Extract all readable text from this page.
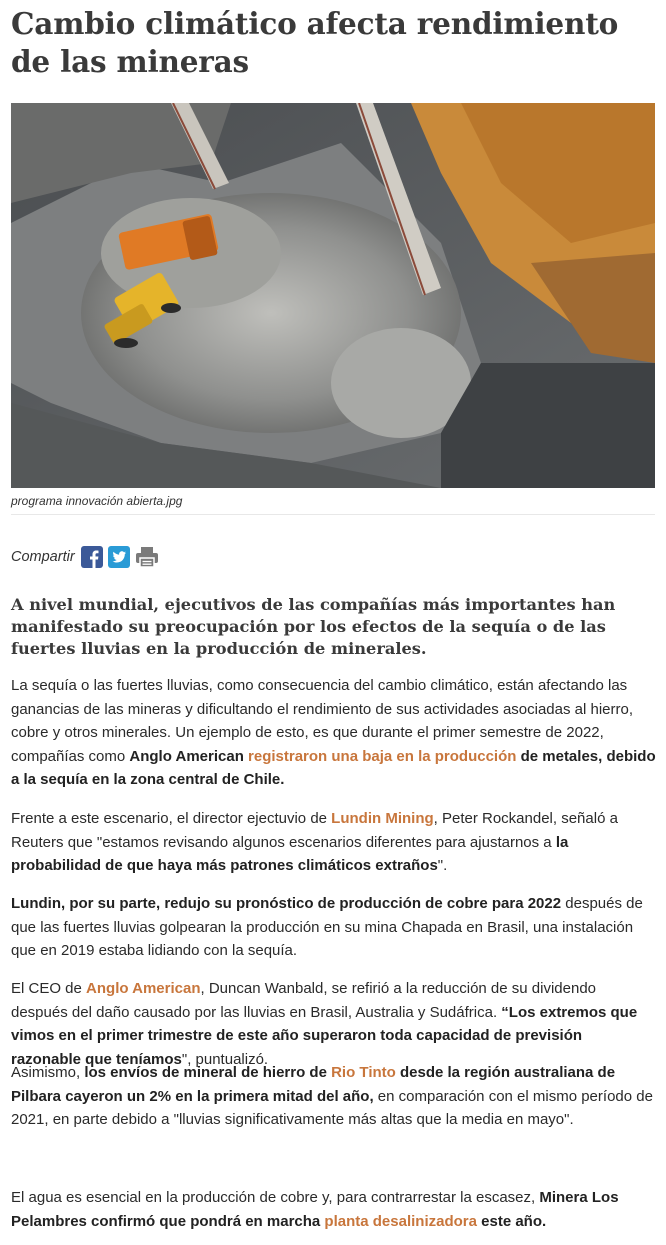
Cambio climático afecta rendimiento de las mineras
programa innovación abierta.jpg
Compartir

A nivel mundial, ejecutivos de las compañías más importantes han manifestado su preocupación por los efectos de la sequía o de las fuertes lluvias en la producción de minerales.

La sequía o las fuertes lluvias, como consecuencia del cambio climático, están afectando las ganancias de las mineras y dificultando el rendimiento de sus actividades asociadas al hierro, cobre y otros minerales. Un ejemplo de esto, es que durante el primer semestre de 2022, compañías como Anglo American registraron una baja en la producción de metales, debido a la sequía en la zona central de Chile.

Frente a este escenario, el director ejectuvio de Lundin Mining, Peter Rockandel, señaló a Reuters que "estamos revisando algunos escenarios diferentes para ajustarnos a la probabilidad de que haya más patrones climáticos extraños".

Lundin, por su parte, redujo su pronóstico de producción de cobre para 2022 después de que las fuertes lluvias golpearan la producción en su mina Chapada en Brasil, una instalación que en 2019 estaba lidiando con la sequía.

El CEO de Anglo American, Duncan Wanbald, se refirió a la reducción de su dividendo después del daño causado por las lluvias en Brasil, Australia y Sudáfrica. “Los extremos que vimos en el primer trimestre de este año superaron toda capacidad de previsión razonable que teníamos", puntualizó.

Asimismo, los envíos de mineral de hierro de Rio Tinto desde la región australiana de Pilbara cayeron un 2% en la primera mitad del año, en comparación con el mismo período de 2021, en parte debido a "lluvias significativamente más altas que la media en mayo".

El agua es esencial en la producción de cobre y, para contrarrestar la escasez, Minera Los Pelambres confirmó que pondrá en marcha planta desalinizadora este año.
